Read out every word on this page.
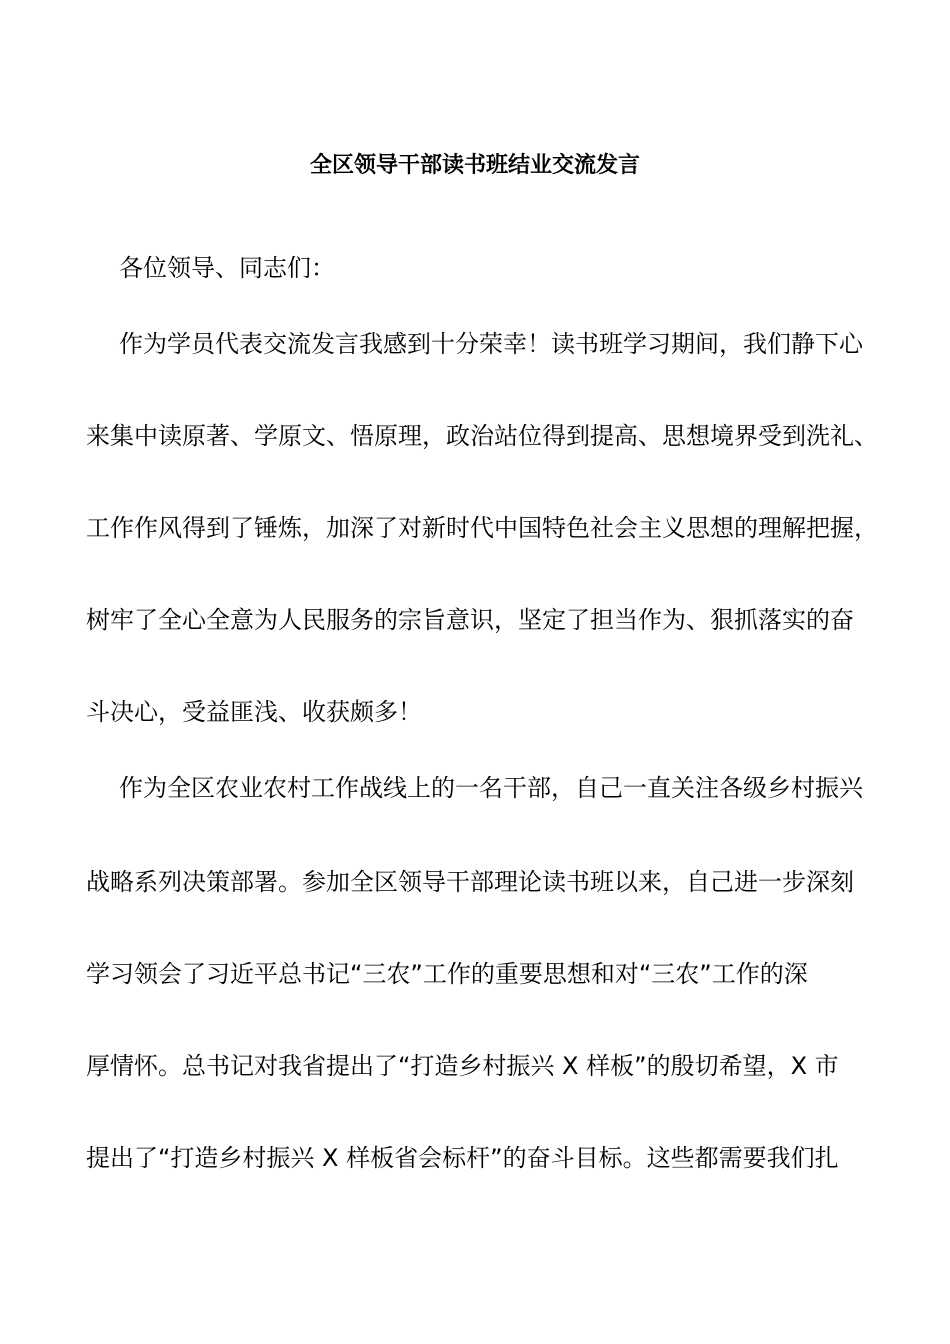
全区领导干部读书班结业交流发言

各位领导、同志们：

作为学员代表交流发言我感到十分荣幸！读书班学习期间，我们静下心

来集中读原著、学原文、悟原理，政治站位得到提高、思想境界受到洗礼、

工作作风得到了锤炼，加深了对新时代中国特色社会主义思想的理解把握，

树牢了全心全意为人民服务的宗旨意识，坚定了担当作为、狠抓落实的奋

斗决心，受益匪浅、收获颇多！

作为全区农业农村工作战线上的一名干部，自己一直关注各级乡村振兴

战略系列决策部署。参加全区领导干部理论读书班以来，自己进一步深刻

学习领会了习近平总书记“三农”工作的重要思想和对“三农”工作的深

厚情怀。总书记对我省提出了“打造乡村振兴 X 样板”的殷切希望，X 市

提出了“打造乡村振兴 X 样板省会标杆”的奋斗目标。这些都需要我们扎
